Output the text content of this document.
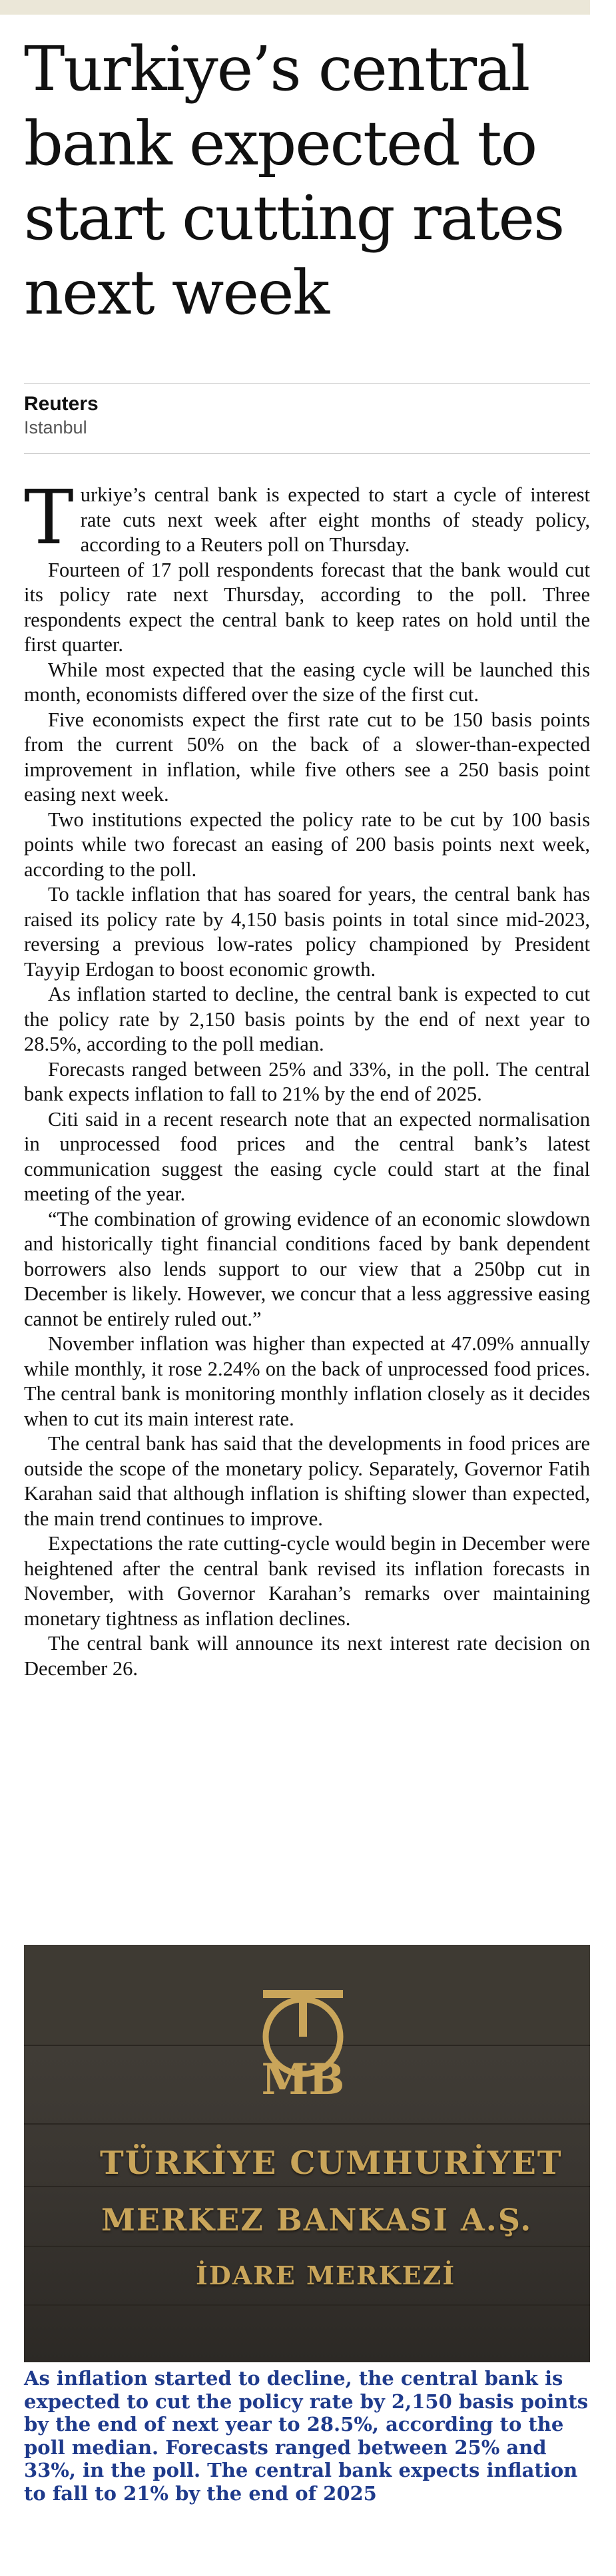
Turkiye’s central bank expected to start cutting rates next week
Reuters
Istanbul

Turkiye’s central bank is expected to start a cycle of interest rate cuts next week after eight months of steady policy, according to a Reuters poll on Thursday.

Fourteen of 17 poll respondents forecast that the bank would cut its policy rate next Thursday, according to the poll. Three respondents expect the central bank to keep rates on hold until the first quarter.

While most expected that the easing cycle will be launched this month, economists differed over the size of the first cut.

Five economists expect the first rate cut to be 150 basis points from the current 50% on the back of a slower-than-expected improvement in inflation, while five others see a 250 basis point easing next week.

Two institutions expected the policy rate to be cut by 100 basis points while two forecast an easing of 200 basis points next week, according to the poll.

To tackle inflation that has soared for years, the central bank has raised its policy rate by 4,150 basis points in total since mid-2023, reversing a previous low-rates policy championed by President Tayyip Erdogan to boost economic growth.

As inflation started to decline, the central bank is expected to cut the policy rate by 2,150 basis points by the end of next year to 28.5%, according to the poll median.

Forecasts ranged between 25% and 33%, in the poll. The central bank expects inflation to fall to 21% by the end of 2025.

Citi said in a recent research note that an expected normalisation in unprocessed food prices and the central bank’s latest communication suggest the easing cycle could start at the final meeting of the year.

“The combination of growing evidence of an economic slowdown and historically tight financial conditions faced by bank dependent borrowers also lends support to our view that a 250bp cut in December is likely. However, we concur that a less aggressive easing cannot be entirely ruled out.”

November inflation was higher than expected at 47.09% annually while monthly, it rose 2.24% on the back of unprocessed food prices. The central bank is monitoring monthly inflation closely as it decides when to cut its main interest rate.

The central bank has said that the developments in food prices are outside the scope of the monetary policy. Separately, Governor Fatih Karahan said that although inflation is shifting slower than expected, the main trend continues to improve.

Expectations the rate cutting-cycle would begin in December were heightened after the central bank revised its inflation forecasts in November, with Governor Karahan’s remarks over maintaining monetary tightness as inflation declines.

The central bank will announce its next interest rate decision on December 26.

MB
TÜRKİYE CUMHURİYET
MERKEZ BANKASI A.Ş.
İDARE MERKEZİ

As inflation started to decline, the central bank is expected to cut the policy rate by 2,150 basis points by the end of next year to 28.5%, according to the poll median. Forecasts ranged between 25% and 33%, in the poll. The central bank expects inflation to fall to 21% by the end of 2025
